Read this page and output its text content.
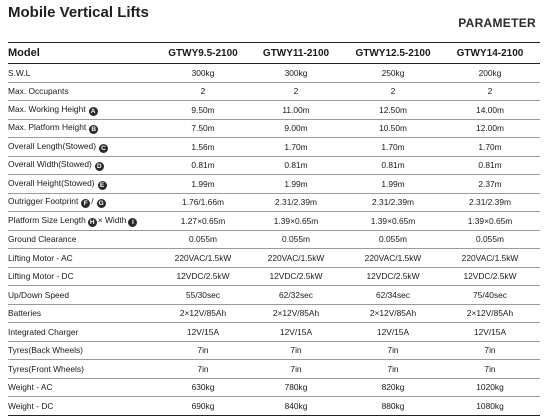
Mobile Vertical Lifts
PARAMETER
Model	GTWY9.5-2100	GTWY11-2100	GTWY12.5-2100	GTWY14-2100
S.W.L	300kg	300kg	250kg	200kg
Max. Occupants	2	2	2	2
Max. Working Height A	9.50m	11.00m	12.50m	14.00m
Max. Platform Height B	7.50m	9.00m	10.50m	12.00m
Overall Length(Stowed) C	1.56m	1.70m	1.70m	1.70m
Overall Width(Stowed) D	0.81m	0.81m	0.81m	0.81m
Overall Height(Stowed) E	1.99m	1.99m	1.99m	2.37m
Outrigger Footprint F / G	1.76/1.66m	2.31/2.39m	2.31/2.39m	2.31/2.39m
Platform Size Length H × Width I	1.27×0.65m	1.39×0.65m	1.39×0.65m	1.39×0.65m
Ground Clearance	0.055m	0.055m	0.055m	0.055m
Lifting Motor - AC	220VAC/1.5kW	220VAC/1.5kW	220VAC/1.5kW	220VAC/1.5kW
Lifting Motor - DC	12VDC/2.5kW	12VDC/2.5kW	12VDC/2.5kW	12VDC/2.5kW
Up/Down Speed	55/30sec	62/32sec	62/34sec	75/40sec
Batteries	2×12V/85Ah	2×12V/85Ah	2×12V/85Ah	2×12V/85Ah
Integrated Charger	12V/15A	12V/15A	12V/15A	12V/15A
Tyres(Back Wheels)	7in	7in	7in	7in
Tyres(Front Wheels)	7in	7in	7in	7in
Weight - AC	630kg	780kg	820kg	1020kg
Weight - DC	690kg	840kg	880kg	1080kg
